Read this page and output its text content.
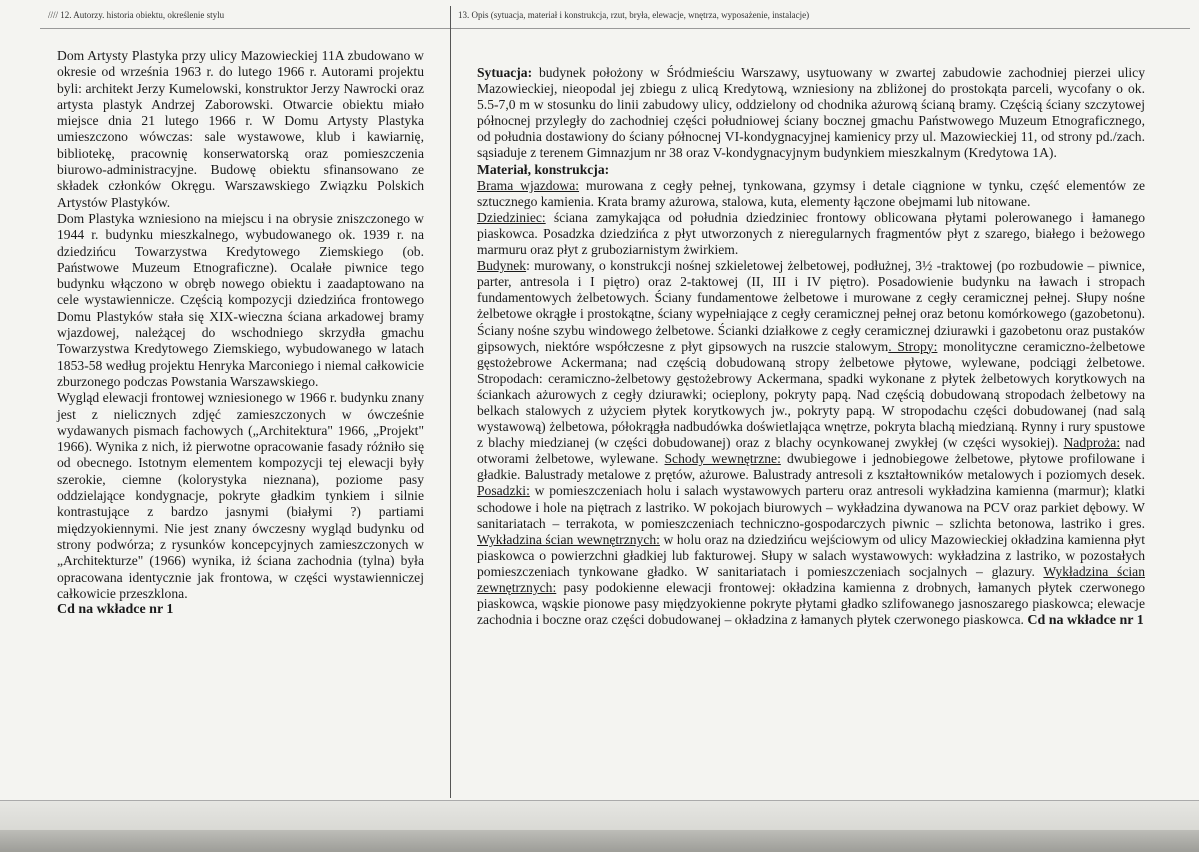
//// 12. Autorzy. historia obiektu, określenie stylu	13. Opis (sytuacja, materiał i konstrukcja, rzut, bryła, elewacje, wnętrza, wyposażenie, instalacje)

Dom Artysty Plastyka przy ulicy Mazowieckiej 11A zbudowano w okresie od września 1963 r. do lutego 1966 r. Autorami projektu byli: architekt Jerzy Kumelowski, konstruktor Jerzy Nawrocki oraz artysta plastyk Andrzej Zaborowski. Otwarcie obiektu miało miejsce dnia 21 lutego 1966 r. W Domu Artysty Plastyka umieszczono wówczas: sale wystawowe, klub i kawiarnię, bibliotekę, pracownię konserwatorską oraz pomieszczenia biurowo-administracyjne. Budowę obiektu sfinansowano ze składek członków Okręgu. Warszawskiego Związku Polskich Artystów Plastyków.

Dom Plastyka wzniesiono na miejscu i na obrysie zniszczonego w 1944 r. budynku mieszkalnego, wybudowanego ok. 1939 r. na dziedzińcu Towarzystwa Kredytowego Ziemskiego (ob. Państwowe Muzeum Etnograficzne). Ocalałe piwnice tego budynku włączono w obręb nowego obiektu i zaadaptowano na cele wystawiennicze. Częścią kompozycji dziedzińca frontowego Domu Plastyków stała się XIX-wieczna ściana arkadowej bramy wjazdowej, należącej do wschodniego skrzydła gmachu Towarzystwa Kredytowego Ziemskiego, wybudowanego w latach 1853-58 według projektu Henryka Marconiego i niemal całkowicie zburzonego podczas Powstania Warszawskiego.

Wygląd elewacji frontowej wzniesionego w 1966 r. budynku znany jest z nielicznych zdjęć zamieszczonych w ówcześnie wydawanych pismach fachowych („Architektura" 1966, „Projekt" 1966). Wynika z nich, iż pierwotne opracowanie fasady różniło się od obecnego. Istotnym elementem kompozycji tej elewacji były szerokie, ciemne (kolorystyka nieznana), poziome pasy oddzielające kondygnacje, pokryte gładkim tynkiem i silnie kontrastujące z bardzo jasnymi (białymi ?) partiami międzyokiennymi. Nie jest znany ówczesny wygląd budynku od strony podwórza; z rysunków koncepcyjnych zamieszczonych w „Architekturze" (1966) wynika, iż ściana zachodnia (tylna) była opracowana identycznie jak frontowa, w części wystawienniczej całkowicie przeszklona.

Cd na wkładce nr 1

Sytuacja: budynek położony w Śródmieściu Warszawy, usytuowany w zwartej zabudowie zachodniej pierzei ulicy Mazowieckiej, nieopodal jej zbiegu z ulicą Kredytową, wzniesiony na zbliżonej do prostokąta parceli, wycofany o ok. 5.5-7,0 m w stosunku do linii zabudowy ulicy, oddzielony od chodnika ażurową ścianą bramy. Częścią ściany szczytowej północnej przyległy do zachodniej części południowej ściany bocznej gmachu Państwowego Muzeum Etnograficznego, od południa dostawiony do ściany północnej VI-kondygnacyjnej kamienicy przy ul. Mazowieckiej 11, od strony pd./zach. sąsiaduje z terenem Gimnazjum nr 38 oraz V-kondygnacyjnym budynkiem mieszkalnym (Kredytowa 1A).

Materiał, konstrukcja:

Brama wjazdowa: murowana z cegły pełnej, tynkowana, gzymsy i detale ciągnione w tynku, część elementów ze sztucznego kamienia. Krata bramy ażurowa, stalowa, kuta, elementy łączone obejmami lub nitowane.

Dziedziniec: ściana zamykająca od południa dziedziniec frontowy oblicowana płytami polerowanego i łamanego piaskowca. Posadzka dziedzińca z płyt utworzonych z nieregularnych fragmentów płyt z szarego, białego i beżowego marmuru oraz płyt z gruboziarnistym żwirkiem.

Budynek: murowany, o konstrukcji nośnej szkieletowej żelbetowej, podłużnej, 3½ -traktowej (po rozbudowie – piwnice, parter, antresola i I piętro) oraz 2-taktowej (II, III i IV piętro). Posadowienie budynku na ławach i stropach fundamentowych żelbetowych. Ściany fundamentowe żelbetowe i murowane z cegły ceramicznej pełnej. Słupy nośne żelbetowe okrągłe i prostokątne, ściany wypełniające z cegły ceramicznej pełnej oraz betonu komórkowego (gazobetonu). Ściany nośne szybu windowego żelbetowe. Ścianki działkowe z cegły ceramicznej dziurawki i gazobetonu oraz pustaków gipsowych, niektóre współczesne z płyt gipsowych na ruszcie stalowym. Stropy: monolityczne ceramiczno-żelbetowe gęstożebrowe Ackermana; nad częścią dobudowaną stropy żelbetowe płytowe, wylewane, podciągi żelbetowe. Stropodach: ceramiczno-żelbetowy gęstożebrowy Ackermana, spadki wykonane z płytek żelbetowych korytkowych na ściankach ażurowych z cegły dziurawki; ocieplony, pokryty papą. Nad częścią dobudowaną stropodach żelbetowy na belkach stalowych z użyciem płytek korytkowych jw., pokryty papą. W stropodachu części dobudowanej (nad salą wystawową) żelbetowa, półokrągła nadbudówka doświetlająca wnętrze, pokryta blachą miedzianą. Rynny i rury spustowe z blachy miedzianej (w części dobudowanej) oraz z blachy ocynkowanej zwykłej (w części wysokiej). Nadproża: nad otworami żelbetowe, wylewane. Schody wewnętrzne: dwubiegowe i jednobiegowe żelbetowe, płytowe profilowane i gładkie. Balustrady metalowe z prętów, ażurowe. Balustrady antresoli z kształtowników metalowych i poziomych desek. Posadzki: w pomieszczeniach holu i salach wystawowych parteru oraz antresoli wykładzina kamienna (marmur); klatki schodowe i hole na piętrach z lastriko. W pokojach biurowych – wykładzina dywanowa na PCV oraz parkiet dębowy. W sanitariatach – terrakota, w pomieszczeniach techniczno-gospodarczych piwnic – szlichta betonowa, lastriko i gres. Wykładzina ścian wewnętrznych: w holu oraz na dziedzińcu wejściowym od ulicy Mazowieckiej okładzina kamienna płyt piaskowca o powierzchni gładkiej lub fakturowej. Słupy w salach wystawowych: wykładzina z lastriko, w pozostałych pomieszczeniach tynkowane gładko. W sanitariatach i pomieszczeniach socjalnych – glazury. Wykładzina ścian zewnętrznych: pasy podokienne elewacji frontowej: okładzina kamienna z drobnych, łamanych płytek czerwonego piaskowca, wąskie pionowe pasy międzyokienne pokryte płytami gładko szlifowanego jasnoszarego piaskowca; elewacje zachodnia i boczne oraz części dobudowanej – okładzina z łamanych płytek czerwonego piaskowca. Cd na wkładce nr 1
